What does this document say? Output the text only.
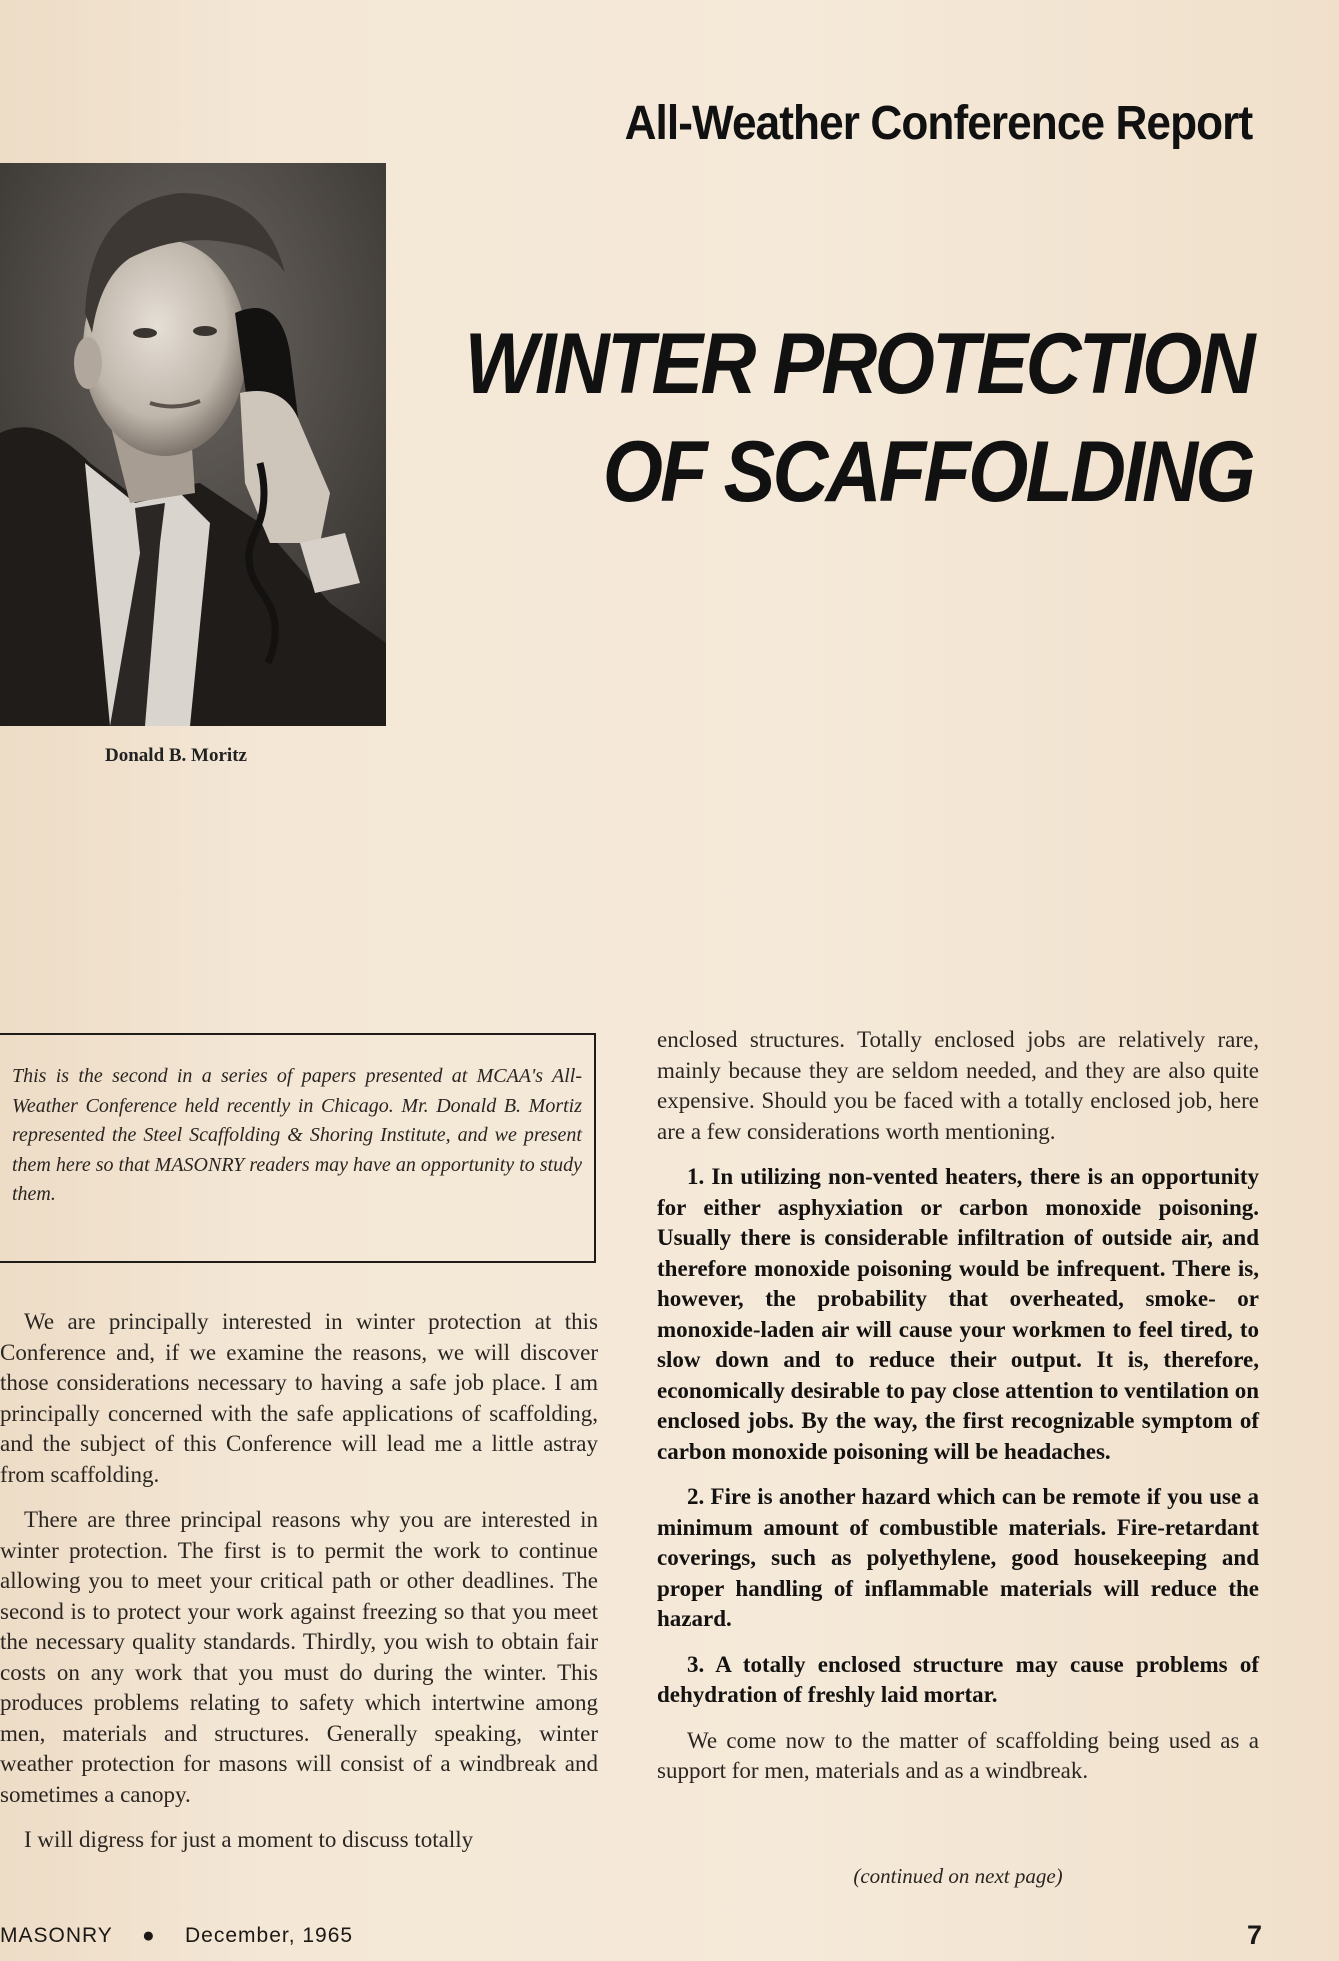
All-Weather Conference Report
WINTER PROTECTION
OF SCAFFOLDING
Donald B. Moritz
This is the second in a series of papers presented at MCAA's All-Weather Conference held recently in Chicago. Mr. Donald B. Mortiz represented the Steel Scaffolding & Shoring Institute, and we present them here so that MASONRY readers may have an opportunity to study them.

We are principally interested in winter protection at this Conference and, if we examine the reasons, we will discover those considerations necessary to having a safe job place. I am principally concerned with the safe applications of scaffolding, and the subject of this Conference will lead me a little astray from scaffolding.

There are three principal reasons why you are interested in winter protection. The first is to permit the work to continue allowing you to meet your critical path or other deadlines. The second is to protect your work against freezing so that you meet the necessary quality standards. Thirdly, you wish to obtain fair costs on any work that you must do during the winter. This produces problems relating to safety which intertwine among men, materials and structures. Generally speaking, winter weather protection for masons will consist of a windbreak and sometimes a canopy.

I will digress for just a moment to discuss totally

enclosed structures. Totally enclosed jobs are relatively rare, mainly because they are seldom needed, and they are also quite expensive. Should you be faced with a totally enclosed job, here are a few considerations worth mentioning.

1. In utilizing non-vented heaters, there is an opportunity for either asphyxiation or carbon monoxide poisoning. Usually there is considerable infiltration of outside air, and therefore monoxide poisoning would be infrequent. There is, however, the probability that overheated, smoke- or monoxide-laden air will cause your workmen to feel tired, to slow down and to reduce their output. It is, therefore, economically desirable to pay close attention to ventilation on enclosed jobs. By the way, the first recognizable symptom of carbon monoxide poisoning will be headaches.

2. Fire is another hazard which can be remote if you use a minimum amount of combustible materials. Fire-retardant coverings, such as polyethylene, good housekeeping and proper handling of inflammable materials will reduce the hazard.

3. A totally enclosed structure may cause problems of dehydration of freshly laid mortar.

We come now to the matter of scaffolding being used as a support for men, materials and as a windbreak.

(continued on next page)
MASONRY ● December, 1965	7
